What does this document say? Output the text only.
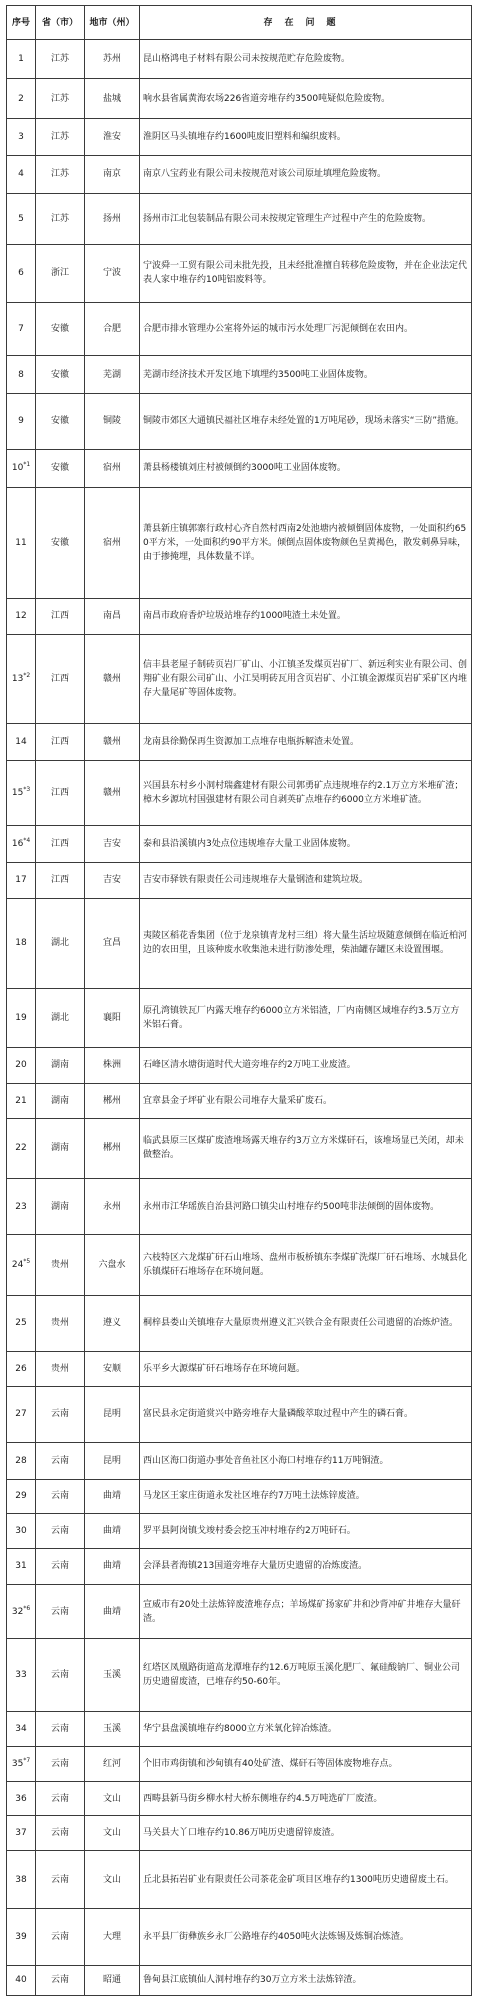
序号	省（市）	地市（州）	存在问题
1	江苏	苏州	昆山格鸿电子材料有限公司未按规范贮存危险废物。
2	江苏	盐城	响水县省属黄海农场226省道旁堆存约3500吨疑似危险废物。
3	江苏	淮安	淮阴区马头镇堆存约1600吨废旧塑料和编织废料。
4	江苏	南京	南京八宝药业有限公司未按规范对该公司原址填埋危险废物。
5	江苏	扬州	扬州市江北包装制品有限公司未按规定管理生产过程中产生的危险废物。
6	浙江	宁波	宁波舜一工贸有限公司未批先投，且未经批准擅自转移危险废物，并在企业法定代表人家中堆存约10吨铝废料等。
7	安徽	合肥	合肥市排水管理办公室将外运的城市污水处理厂污泥倾倒在农田内。
8	安徽	芜湖	芜湖市经济技术开发区地下填埋约3500吨工业固体废物。
9	安徽	铜陵	铜陵市郊区大通镇民福社区堆存未经处置的1万吨尾砂，现场未落实“三防”措施。
10$^{*1}$	安徽	宿州	萧县杨楼镇刘庄村被倾倒约3000吨工业固体废物。
11	安徽	宿州	萧县新庄镇郭寨行政村心齐自然村西南2处池塘内被倾倒固体废物，一处面积约650平方米，一处面积约90平方米。倾倒点固体废物颜色呈黄褐色，散发刺鼻异味，由于掺掩埋，具体数量不详。
12	江西	南昌	南昌市政府香炉垃圾站堆存约1000吨渣土未处置。
13$^{*2}$	江西	赣州	信丰县老屋子制砖页岩厂矿山、小江镇圣发煤页岩矿厂、新远利实业有限公司、创翔矿业有限公司矿山、小江昊明砖瓦用含页岩矿、小江镇金源煤页岩矿采矿区内堆存大量尾矿等固体废物。
14	江西	赣州	龙南县徐勤保再生资源加工点堆存电瓶拆解渣未处置。
15$^{*3}$	江西	赣州	兴国县东村乡小洞村瑞鑫建材有限公司郭勇矿点违规堆存约2.1万立方米堆矿渣；樟木乡源坑村国强建材有限公司自剥英矿点堆存约6000立方米堆矿渣。
16$^{*4}$	江西	吉安	泰和县沿溪镇内3处点位违规堆存大量工业固体废物。
17	江西	吉安	吉安市驿铁有限责任公司违规堆存大量钢渣和建筑垃圾。
18	湖北	宜昌	夷陵区稻花香集团（位于龙泉镇青龙村三组）将大量生活垃圾随意倾倒在临近柏河边的农田里，且该种废水收集池未进行防渗处理，柴油罐存罐区未设置围堰。
19	湖北	襄阳	原孔湾镇铁瓦厂内露天堆存约6000立方米铝渣，厂内南侧区域堆存约3.5万立方米铝石膏。
20	湖南	株洲	石峰区清水塘街道时代大道旁堆存约2万吨工业废渣。
21	湖南	郴州	宜章县金子坪矿业有限公司堆存大量采矿废石。
22	湖南	郴州	临武县原三区煤矿废渣堆场露天堆存约3万立方米煤矸石，该堆场显已关闭，却未做整治。
23	湖南	永州	永州市江华瑶族自治县河路口镇尖山村堆存约500吨非法倾倒的固体废物。
24$^{*5}$	贵州	六盘水	六枝特区六龙煤矿矸石山堆场、盘州市板桥镇东李煤矿洗煤厂矸石堆场、水城县化乐镇煤矸石堆场存在环境问题。
25	贵州	遵义	桐梓县娄山关镇堆存大量原贵州遵义汇兴铁合金有限责任公司遗留的冶炼炉渣。
26	贵州	安顺	乐平乡大源煤矿矸石堆场存在环境问题。
27	云南	昆明	富民县永定街道赏兴中路旁堆存大量磷酸萃取过程中产生的磷石膏。
28	云南	昆明	西山区海口街道办事处音鱼社区小海口村堆存约11万吨铜渣。
29	云南	曲靖	马龙区王家庄街道永发社区堆存约7万吨土法炼锌废渣。
30	云南	曲靖	罗平县阿岗镇戈竣村委会挖玉冲村堆存约2万吨矸石。
31	云南	曲靖	会泽县者海镇213国道旁堆存大量历史遗留的冶炼废渣。
32$^{*6}$	云南	曲靖	宣威市有20处土法炼锌废渣堆存点；羊场煤矿扬家矿井和沙背冲矿井堆存大量矸渣。
33	云南	玉溪	红塔区凤凰路街道高龙潭堆存约12.6万吨原玉溪化肥厂、氟硅酸钠厂、铜业公司历史遗留废渣，已堆存约50-60年。
34	云南	玉溪	华宁县盘溪镇堆存约8000立方米氧化锌冶炼渣。
35$^{*7}$	云南	红河	个旧市鸡街镇和沙甸镇有40处矿渣、煤矸石等固体废物堆存点。
36	云南	文山	西畴县新马街乡柳水村大桥东侧堆存约4.5万吨选矿厂废渣。
37	云南	文山	马关县大丫口堆存约10.86万吨历史遗留锌废渣。
38	云南	文山	丘北县拓岩矿业有限责任公司茶花金矿项目区堆存约1300吨历史遗留废土石。
39	云南	大理	永平县厂街彝族乡永厂公路堆存约4050吨火法炼锡及炼铜冶炼渣。
40	云南	昭通	鲁甸县江底镇仙人洞村堆存约30万立方米土法炼锌渣。
